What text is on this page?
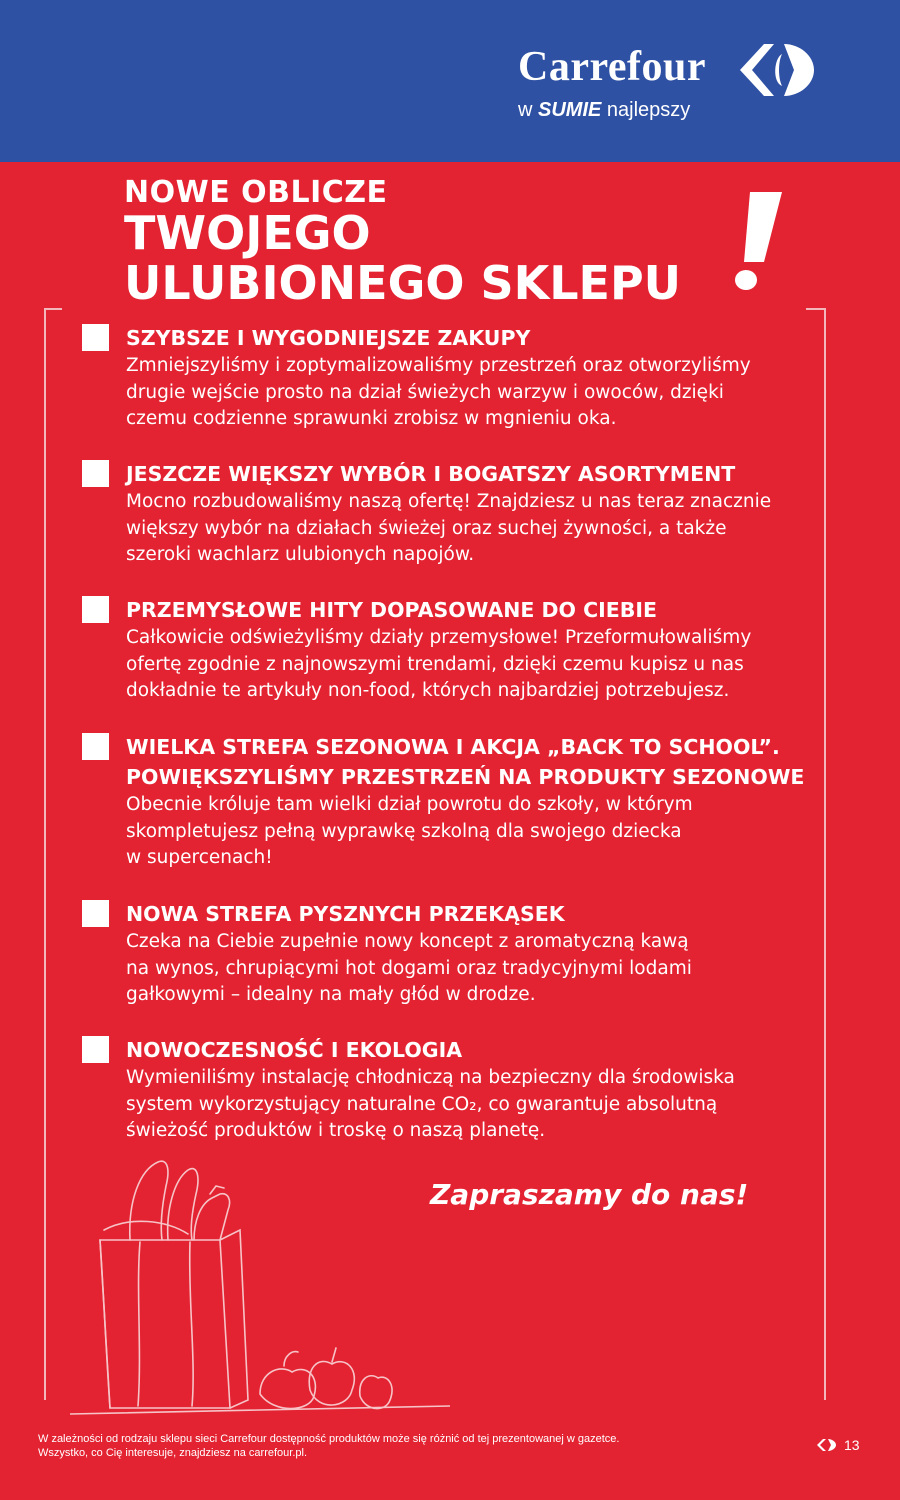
Carrefour
w SUMIE najlepszy
NOWE OBLICZE
TWOJEGO
ULUBIONEGO SKLEPU
SZYBSZE I WYGODNIEJSZE ZAKUPY
Zmniejszyliśmy i zoptymalizowaliśmy przestrzeń oraz otworzyliśmy
drugie wejście prosto na dział świeżych warzyw i owoców, dzięki
czemu codzienne sprawunki zrobisz w mgnieniu oka.
JESZCZE WIĘKSZY WYBÓR I BOGATSZY ASORTYMENT
Mocno rozbudowaliśmy naszą ofertę! Znajdziesz u nas teraz znacznie
większy wybór na działach świeżej oraz suchej żywności, a także
szeroki wachlarz ulubionych napojów.
PRZEMYSŁOWE HITY DOPASOWANE DO CIEBIE
Całkowicie odświeżyliśmy działy przemysłowe! Przeformułowaliśmy
ofertę zgodnie z najnowszymi trendami, dzięki czemu kupisz u nas
dokładnie te artykuły non-food, których najbardziej potrzebujesz.
WIELKA STREFA SEZONOWA I AKCJA „BACK TO SCHOOL”.
POWIĘKSZYLIŚMY PRZESTRZEŃ NA PRODUKTY SEZONOWE
Obecnie króluje tam wielki dział powrotu do szkoły, w którym
skompletujesz pełną wyprawkę szkolną dla swojego dziecka
w supercenach!
NOWA STREFA PYSZNYCH PRZEKĄSEK
Czeka na Ciebie zupełnie nowy koncept z aromatyczną kawą
na wynos, chrupiącymi hot dogami oraz tradycyjnymi lodami
gałkowymi – idealny na mały głód w drodze.
NOWOCZESNOŚĆ I EKOLOGIA
Wymieniliśmy instalację chłodniczą na bezpieczny dla środowiska
system wykorzystujący naturalne CO₂, co gwarantuje absolutną
świeżość produktów i troskę o naszą planetę.
Zapraszamy do nas!
W zależności od rodzaju sklepu sieci Carrefour dostępność produktów może się różnić od tej prezentowanej w gazetce.
Wszystko, co Cię interesuje, znajdziesz na carrefour.pl.	13
